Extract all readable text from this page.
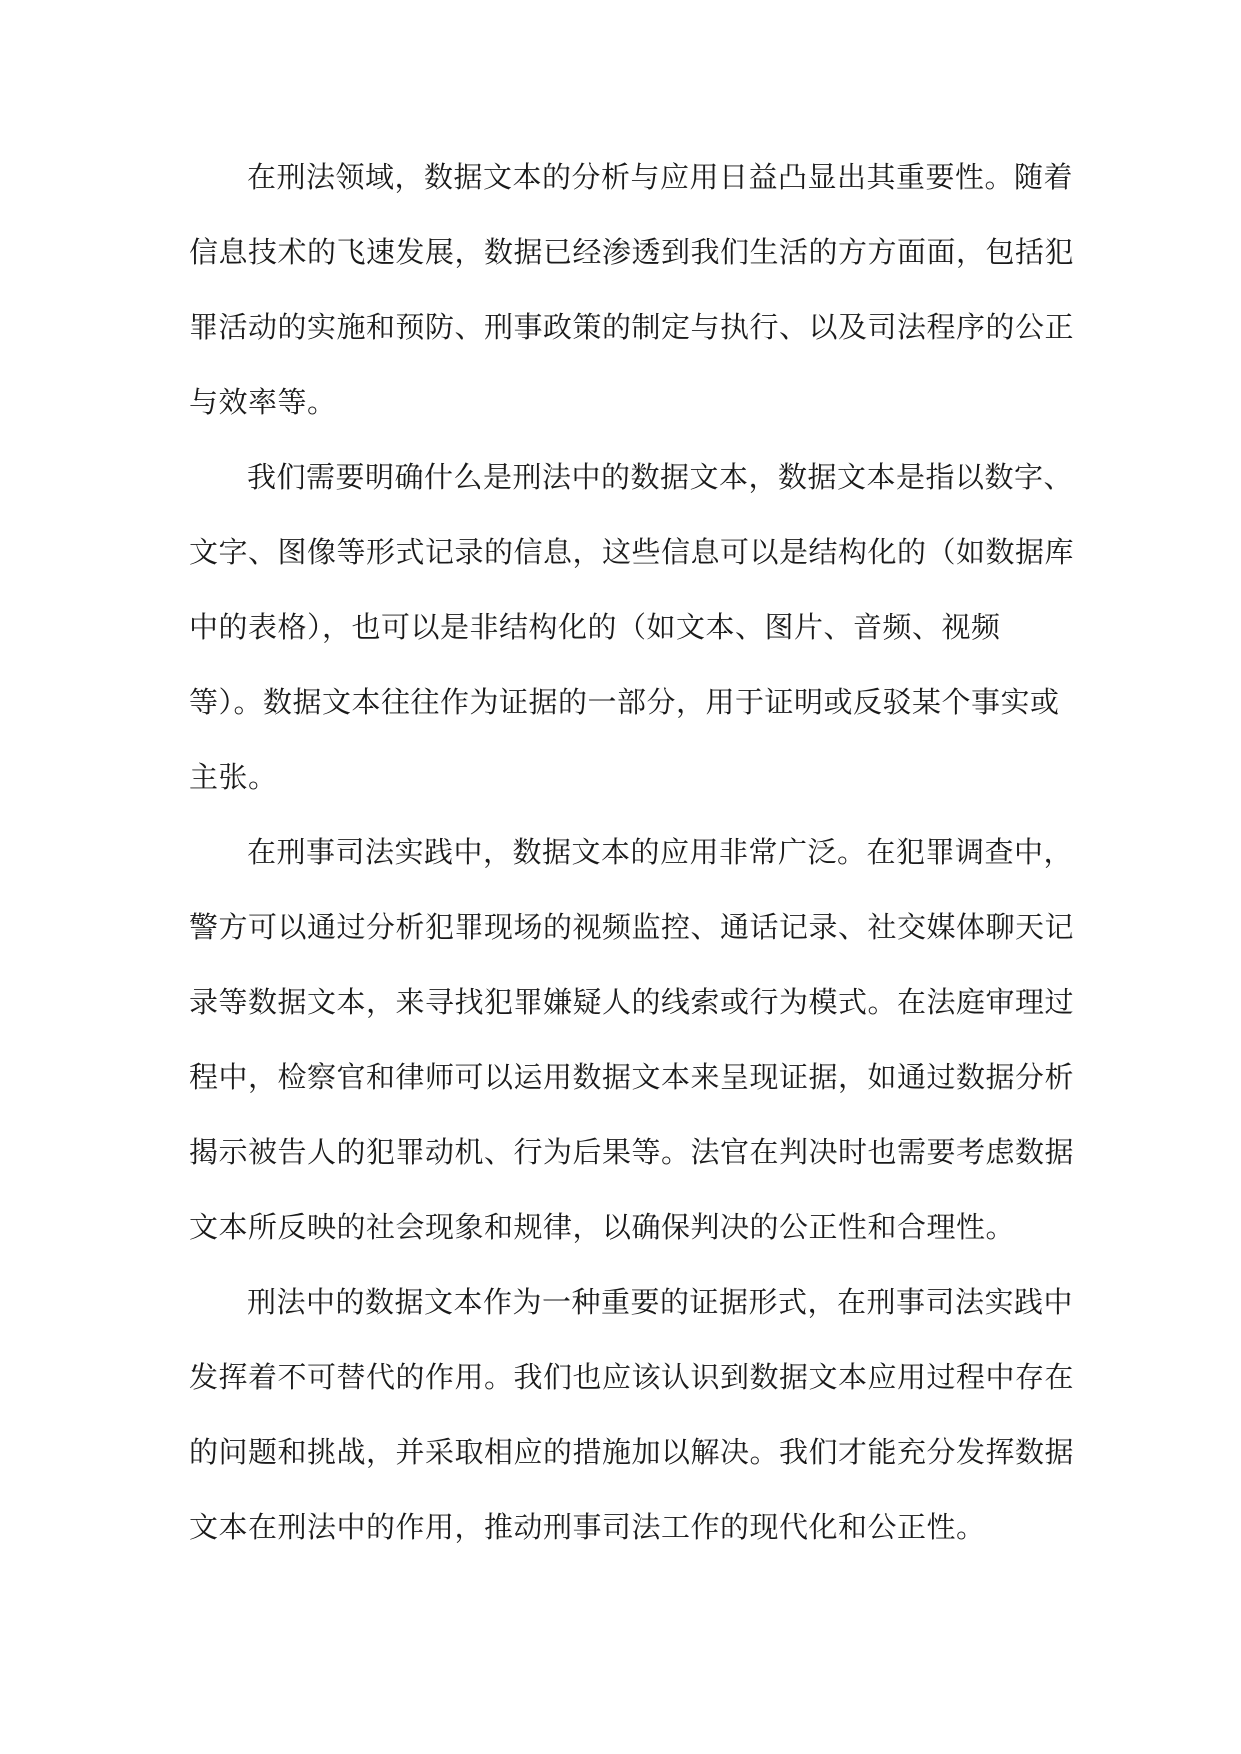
在刑法领域，数据文本的分析与应用日益凸显出其重要性。随着
信息技术的飞速发展，数据已经渗透到我们生活的方方面面，包括犯
罪活动的实施和预防、刑事政策的制定与执行、以及司法程序的公正
与效率等。
我们需要明确什么是刑法中的数据文本，数据文本是指以数字、
文字、图像等形式记录的信息，这些信息可以是结构化的（如数据库
中的表格），也可以是非结构化的（如文本、图片、音频、视频
等）。数据文本往往作为证据的一部分，用于证明或反驳某个事实或
主张。
在刑事司法实践中，数据文本的应用非常广泛。在犯罪调查中，
警方可以通过分析犯罪现场的视频监控、通话记录、社交媒体聊天记
录等数据文本，来寻找犯罪嫌疑人的线索或行为模式。在法庭审理过
程中，检察官和律师可以运用数据文本来呈现证据，如通过数据分析
揭示被告人的犯罪动机、行为后果等。法官在判决时也需要考虑数据
文本所反映的社会现象和规律，以确保判决的公正性和合理性。
刑法中的数据文本作为一种重要的证据形式，在刑事司法实践中
发挥着不可替代的作用。我们也应该认识到数据文本应用过程中存在
的问题和挑战，并采取相应的措施加以解决。我们才能充分发挥数据
文本在刑法中的作用，推动刑事司法工作的现代化和公正性。
